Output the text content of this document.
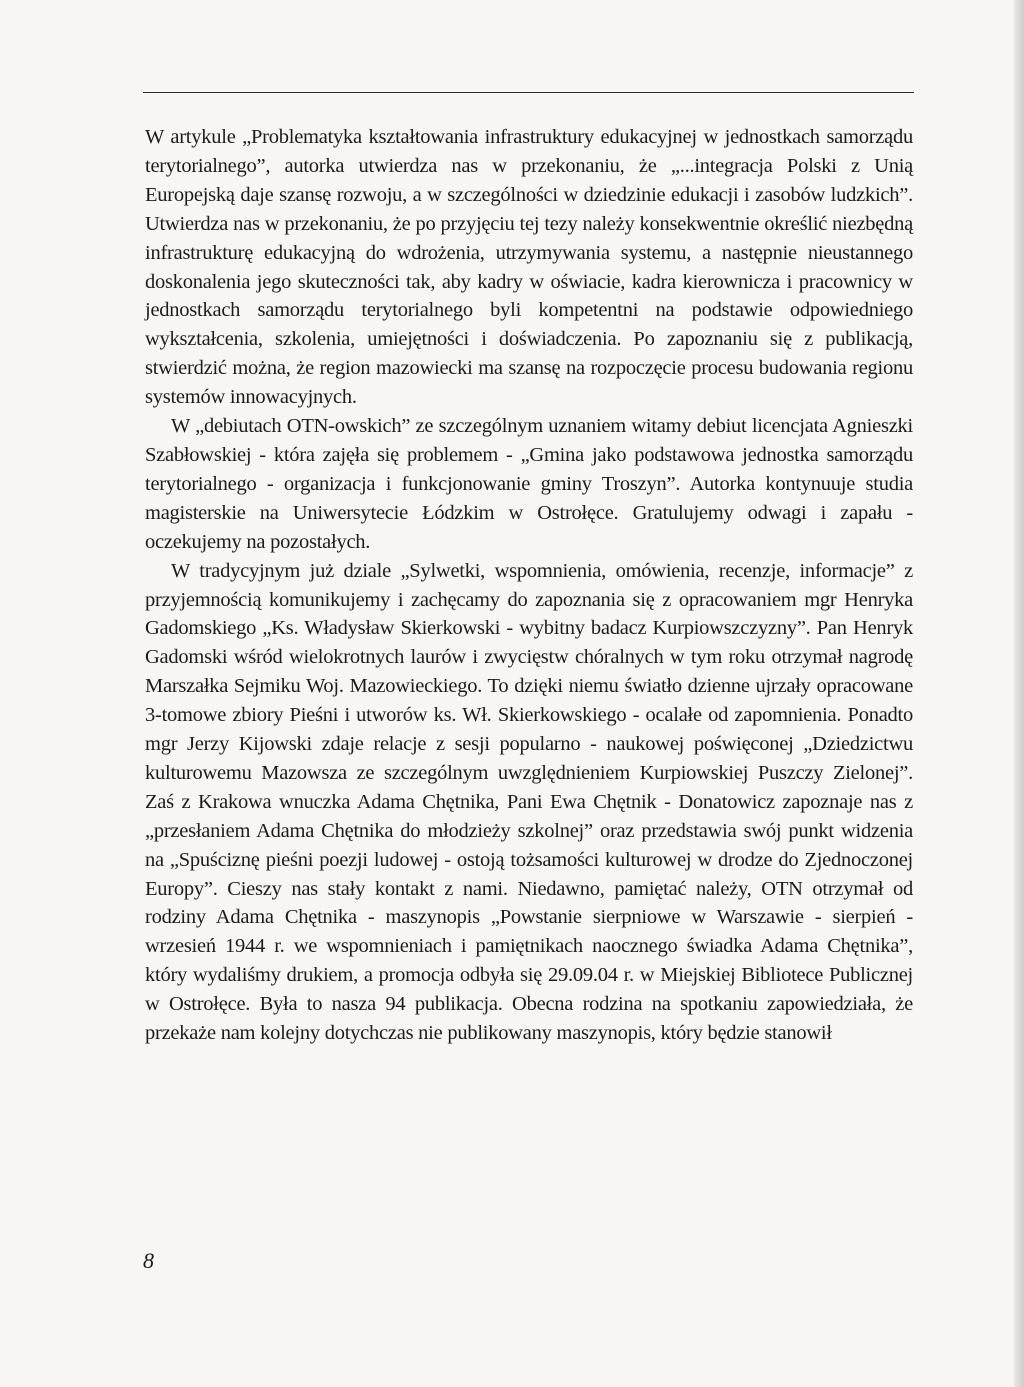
W artykule „Problematyka kształtowania infrastruktury edukacyjnej w jednostkach samorządu terytorialnego”, autorka utwierdza nas w przekonaniu, że „...integracja Polski z Unią Europejską daje szansę rozwoju, a w szczególności w dziedzinie edukacji i zasobów ludzkich”. Utwierdza nas w przekonaniu, że po przyjęciu tej tezy należy konsekwentnie określić niezbędną infrastrukturę edukacyjną do wdrożenia, utrzymywania systemu, a następnie nieustannego doskonalenia jego skuteczności tak, aby kadry w oświacie, kadra kierownicza i pracownicy w jednostkach samorządu terytorialnego byli kompetentni na podstawie odpowiedniego wykształcenia, szkolenia, umiejętności i doświadczenia. Po zapoznaniu się z publikacją, stwierdzić można, że region mazowiecki ma szansę na rozpoczęcie procesu budowania regionu systemów innowacyjnych.

W „debiutach OTN-owskich” ze szczególnym uznaniem witamy debiut licencjata Agnieszki Szabłowskiej - która zajęła się problemem - „Gmina jako podstawowa jednostka samorządu terytorialnego - organizacja i funkcjonowanie gminy Troszyn”. Autorka kontynuuje studia magisterskie na Uniwersytecie Łódzkim w Ostrołęce. Gratulujemy odwagi i zapału - oczekujemy na pozostałych.

W tradycyjnym już dziale „Sylwetki, wspomnienia, omówienia, recenzje, informacje” z przyjemnością komunikujemy i zachęcamy do zapoznania się z opracowaniem mgr Henryka Gadomskiego „Ks. Władysław Skierkowski - wybitny badacz Kurpiowszczyzny”. Pan Henryk Gadomski wśród wielokrotnych laurów i zwycięstw chóralnych w tym roku otrzymał nagrodę Marszałka Sejmiku Woj. Mazowieckiego. To dzięki niemu światło dzienne ujrzały opracowane 3-tomowe zbiory Pieśni i utworów ks. Wł. Skierkowskiego - ocalałe od zapomnienia. Ponadto mgr Jerzy Kijowski zdaje relacje z sesji popularno - naukowej poświęconej „Dziedzictwu kulturowemu Mazowsza ze szczególnym uwzględnieniem Kurpiowskiej Puszczy Zielonej”. Zaś z Krakowa wnuczka Adama Chętnika, Pani Ewa Chętnik - Donatowicz zapoznaje nas z „przesłaniem Adama Chętnika do młodzieży szkolnej” oraz przedstawia swój punkt widzenia na „Spuściznę pieśni poezji ludowej - ostoją tożsamości kulturowej w drodze do Zjednoczonej Europy”. Cieszy nas stały kontakt z nami. Niedawno, pamiętać należy, OTN otrzymał od rodziny Adama Chętnika - maszynopis „Powstanie sierpniowe w Warszawie - sierpień - wrzesień 1944 r. we wspomnieniach i pamiętnikach naocznego świadka Adama Chętnika”, który wydaliśmy drukiem, a promocja odbyła się 29.09.04 r. w Miejskiej Bibliotece Publicznej w Ostrołęce. Była to nasza 94 publikacja. Obecna rodzina na spotkaniu zapowiedziała, że przekaże nam kolejny dotychczas nie publikowany maszynopis, który będzie stanowił

8
